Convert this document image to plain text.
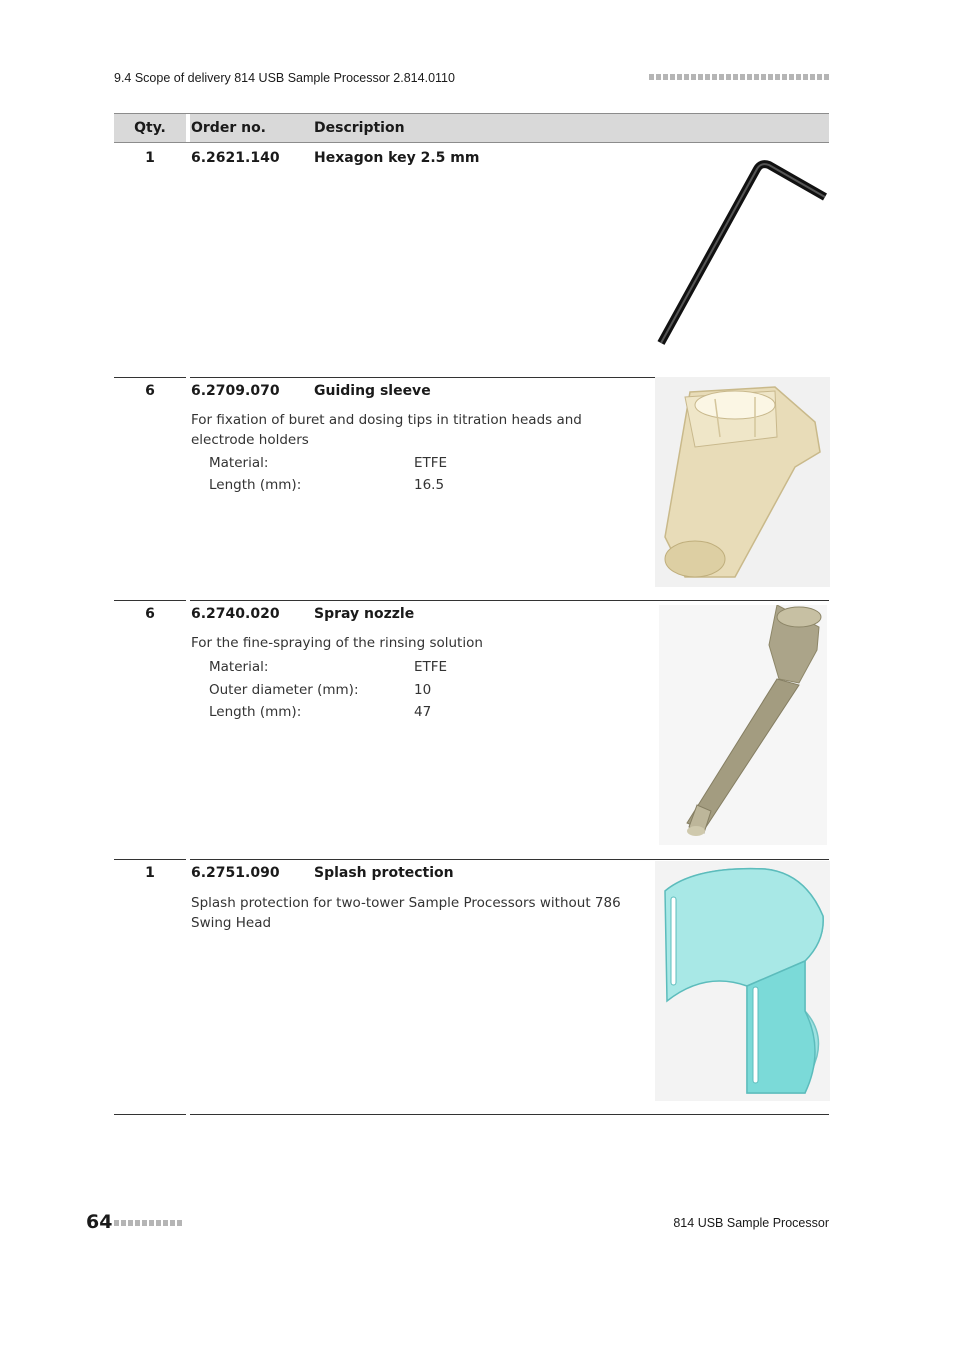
9.4 Scope of delivery 814 USB Sample Processor 2.814.0110
Qty.	Order no.	Description
1	6.2621.140 Hexagon key 2.5 mm
6	6.2709.070 Guiding sleeve
For fixation of buret and dosing tips in titration heads and electrode holders
Material:	ETFE
Length (mm):	16.5
6	6.2740.020 Spray nozzle
For the fine-spraying of the rinsing solution
Material:	ETFE
Outer diameter (mm):	10
Length (mm):	47
1	6.2751.090 Splash protection
Splash protection for two-tower Sample Processors without 786 Swing Head
64	814 USB Sample Processor
